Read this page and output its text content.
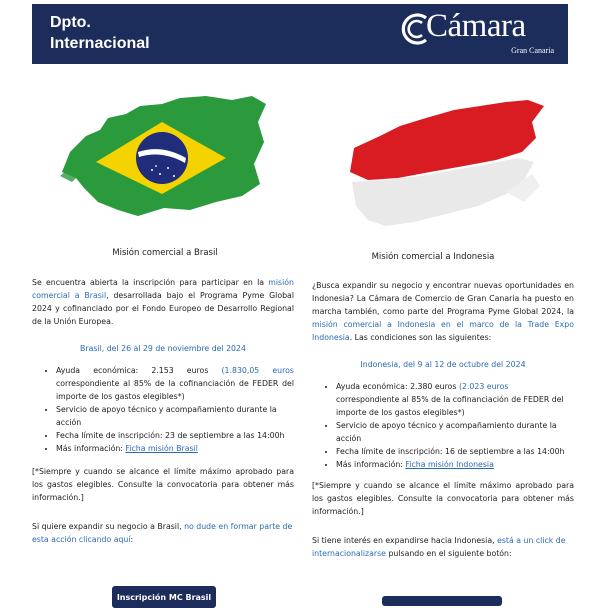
Dpto.
Internacional	Cámara
Gran Canaria
Misión comercial a Brasil

Se encuentra abierta la inscripción para participar en la misión comercial a Brasil, desarrollada bajo el Programa Pyme Global 2024 y cofinanciado por el Fondo Europeo de Desarrollo Regional de la Unión Europea.

Brasil, del 26 al 29 de noviembre del 2024

• Ayuda económica: 2.153 euros (1.830,05 euros correspondiente al 85% de la cofinanciación de FEDER del importe de los gastos elegibles*)
• Servicio de apoyo técnico y acompañamiento durante la acción
• Fecha límite de inscripción: 23 de septiembre a las 14:00h
• Más información: Ficha misión Brasil

[*Siempre y cuando se alcance el límite máximo aprobado para los gastos elegibles. Consulte la convocatoria para obtener más información.]

Si quiere expandir su negocio a Brasil, no dude en formar parte de esta acción clicando aquí:

Inscripción MC Brasil
Misión comercial a Indonesia

¿Busca expandir su negocio y encontrar nuevas oportunidades en Indonesia? La Cámara de Comercio de Gran Canaria ha puesto en marcha también, como parte del Programa Pyme Global 2024, la misión comercial a Indonesia en el marco de la Trade Expo Indonesia. Las condiciones son las siguientes:

Indonesia, del 9 al 12 de octubre del 2024

• Ayuda económica: 2.380 euros (2.023 euros correspondiente al 85% de la cofinanciación de FEDER del importe de los gastos elegibles*)
• Servicio de apoyo técnico y acompañamiento durante la acción
• Fecha límite de inscripción: 16 de septiembre a las 14:00h
• Más información: Ficha misión Indonesia

[*Siempre y cuando se alcance el límite máximo aprobado para los gastos elegibles. Consulte la convocatoria para obtener más información.]

Si tiene interés en expandirse hacia Indonesia, está a un click de internacionalizarse pulsando en el siguiente botón:
